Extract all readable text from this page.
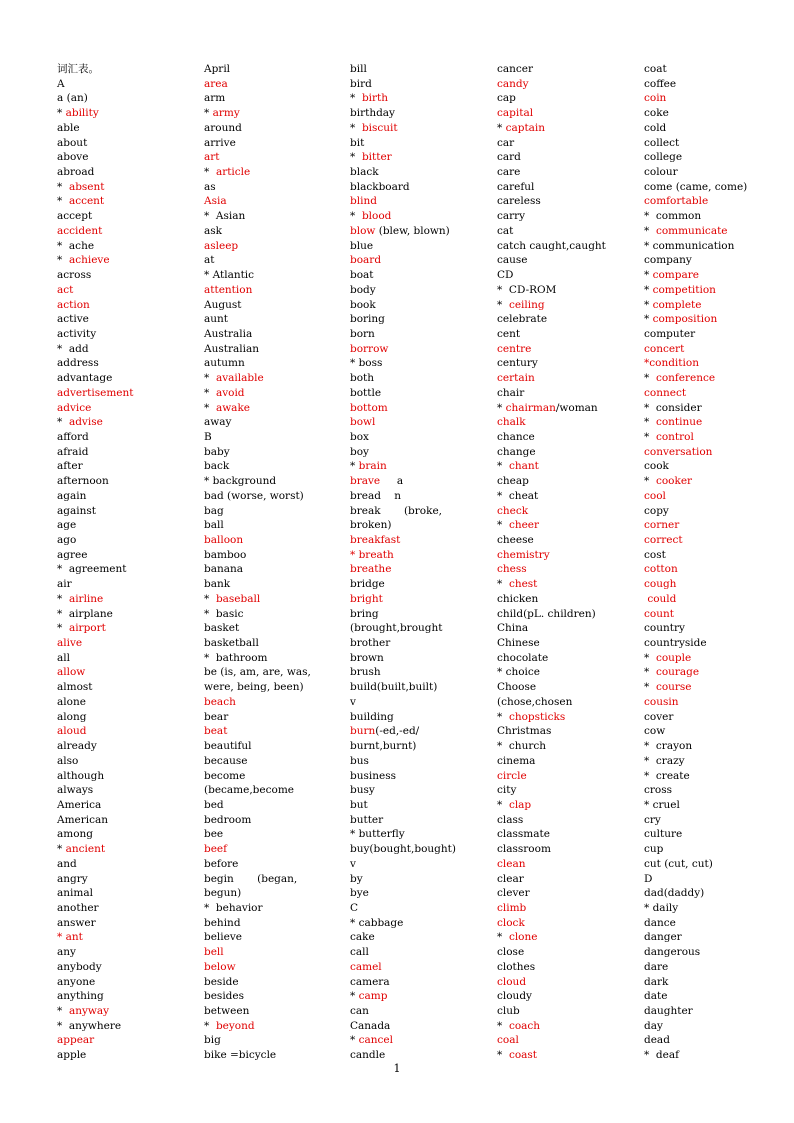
词汇表。
A
a (an)
* ability
able
about
above
abroad
*  absent
*  accent
accept
accident
*  ache
*  achieve
across
act
action
active
activity
*  add
address
advantage
advertisement
advice
*  advise
afford
afraid
after
afternoon
again
against
age
ago
agree
*  agreement
air
*  airline
*  airplane
*  airport
alive
all
allow
almost
alone
along
aloud
already
also
although
always
America
American
among
* ancient
and
angry
animal
another
answer
* ant
any
anybody
anyone
anything
*  anyway
*  anywhere
appear
apple
April
area
arm
* army
around
arrive
art
*  article
as
Asia
*  Asian
ask
asleep
at
* Atlantic
attention
August
aunt
Australia
Australian
autumn
*  available
*  avoid
*  awake
away
B
baby
back
* background
bad (worse, worst)
bag
ball
balloon
bamboo
banana
bank
*  baseball
*  basic
basket
basketball
*  bathroom
be (is, am, are, was,
were, being, been)
beach
bear
beat
beautiful
because
become
(became,become
bed
bedroom
bee
beef
before
begin       (began,
begun)
*  behavior
behind
believe
bell
below
beside
besides
between
*  beyond
big
bike =bicycle
bill
bird
*  birth
birthday
*  biscuit
bit
*  bitter
black
blackboard
blind
*  blood
blow (blew, blown)
blue
board
boat
body
book
boring
born
borrow
* boss
both
bottle
bottom
bowl
box
boy
* brain
brave     a
bread    n
break       (broke,
broken)
breakfast
* breath
breathe
bridge
bright
bring
(brought,brought
brother
brown
brush
build(built,built)
v
building
burn(-ed,-ed/
burnt,burnt)
bus
business
busy
but
butter
* butterfly
buy(bought,bought)
v
by
bye
C
* cabbage
cake
call
camel
camera
* camp
can
Canada
* cancel
candle
cancer
candy
cap
capital
* captain
car
card
care
careful
careless
carry
cat
catch caught,caught
cause
CD
*  CD-ROM
*  ceiling
celebrate
cent
centre
century
certain
chair
* chairman/woman
chalk
chance
change
*  chant
cheap
*  cheat
check
*  cheer
cheese
chemistry
chess
*  chest
chicken
child(pL. children)
China
Chinese
chocolate
* choice
Choose
(chose,chosen
*  chopsticks
Christmas
*  church
cinema
circle
city
*  clap
class
classmate
classroom
clean
clear
clever
climb
clock
*  clone
close
clothes
cloud
cloudy
club
*  coach
coal
*  coast
coat
coffee
coin
coke
cold
collect
college
colour
come (came, come)
comfortable
*  common
*  communicate
* communication
company
* compare
* competition
* complete
* composition
computer
concert
*condition
*  conference
connect
*  consider
*  continue
*  control
conversation
cook
*  cooker
cool
copy
corner
correct
cost
cotton
cough
could
count
country
countryside
*  couple
*  courage
*  course
cousin
cover
cow
*  crayon
*  crazy
*  create
cross
* cruel
cry
culture
cup
cut (cut, cut)
D
dad(daddy)
* daily
dance
danger
dangerous
dare
dark
date
daughter
day
dead
*  deaf
1
